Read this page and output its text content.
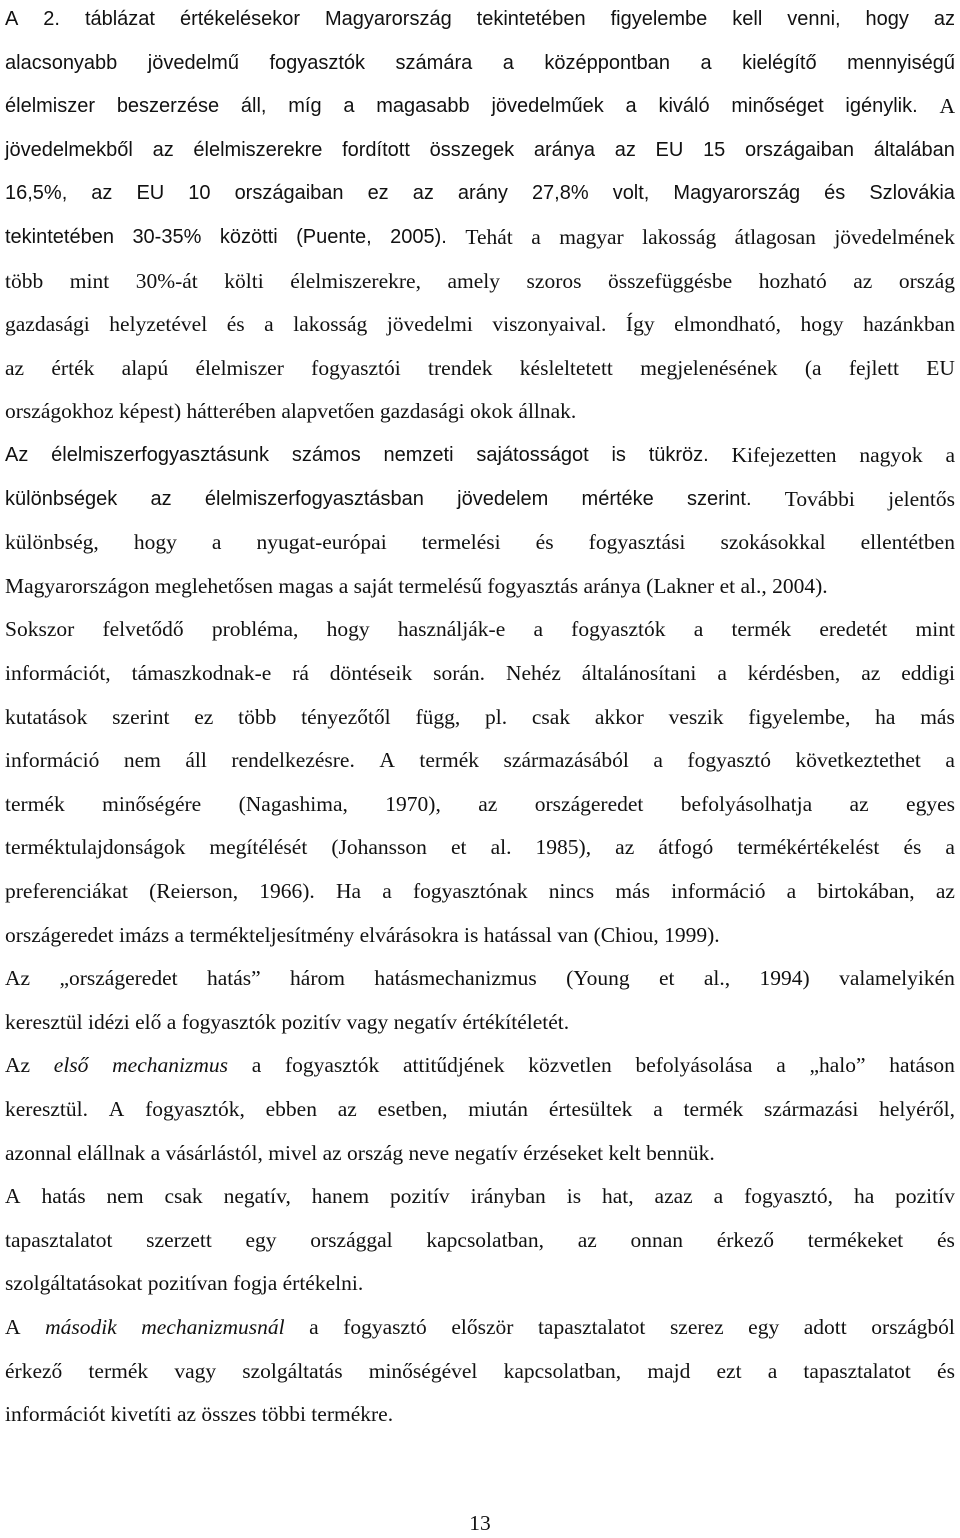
13
A 2. táblázat értékelésekor Magyarország tekintetében figyelembe kell venni, hogy az
alacsonyabb jövedelmű fogyasztók számára a középpontban a kielégítő mennyiségű
élelmiszer beszerzése áll, míg a magasabb jövedelműek a kiváló minőséget igénylik. A
jövedelmekből az élelmiszerekre fordított összegek aránya az EU 15 országaiban általában
16,5%, az EU 10 országaiban ez az arány 27,8% volt, Magyarország és Szlovákia
tekintetében 30-35% közötti (Puente, 2005). Tehát a magyar lakosság átlagosan jövedelmének
több mint 30%-át költi élelmiszerekre, amely szoros összefüggésbe hozható az ország
gazdasági helyzetével és a lakosság jövedelmi viszonyaival. Így elmondható, hogy hazánkban
az érték alapú élelmiszer fogyasztói trendek késleltetett megjelenésének (a fejlett EU
országokhoz képest) hátterében alapvetően gazdasági okok állnak.
Az élelmiszerfogyasztásunk számos nemzeti sajátosságot is tükröz. Kifejezetten nagyok a
különbségek az élelmiszerfogyasztásban jövedelem mértéke szerint. További jelentős
különbség, hogy a nyugat-európai termelési és fogyasztási szokásokkal ellentétben
Magyarországon meglehetősen magas a saját termelésű fogyasztás aránya (Lakner et al., 2004).
Sokszor felvetődő probléma, hogy használják-e a fogyasztók a termék eredetét mint
információt, támaszkodnak-e rá döntéseik során. Nehéz általánosítani a kérdésben, az eddigi
kutatások szerint ez több tényezőtől függ, pl. csak akkor veszik figyelembe, ha más
információ nem áll rendelkezésre. A termék származásából a fogyasztó következtethet a
termék minőségére (Nagashima, 1970), az országeredet befolyásolhatja az egyes
terméktulajdonságok megítélését (Johansson et al. 1985), az átfogó termékértékelést és a
preferenciákat (Reierson, 1966). Ha a fogyasztónak nincs más információ a birtokában, az
országeredet imázs a termékteljesítmény elvárásokra is hatással van (Chiou, 1999).
Az „országeredet hatás” három hatásmechanizmus (Young et al., 1994) valamelyikén
keresztül idézi elő a fogyasztók pozitív vagy negatív értékítéletét.
Az első mechanizmus a fogyasztók attitűdjének közvetlen befolyásolása a „halo” hatáson
keresztül. A fogyasztók, ebben az esetben, miután értesültek a termék származási helyéről,
azonnal elállnak a vásárlástól, mivel az ország neve negatív érzéseket kelt bennük.
A hatás nem csak negatív, hanem pozitív irányban is hat, azaz a fogyasztó, ha pozitív
tapasztalatot szerzett egy országgal kapcsolatban, az onnan érkező termékeket és
szolgáltatásokat pozitívan fogja értékelni.
A második mechanizmusnál a fogyasztó először tapasztalatot szerez egy adott országból
érkező termék vagy szolgáltatás minőségével kapcsolatban, majd ezt a tapasztalatot és
információt kivetíti az összes többi termékre.
